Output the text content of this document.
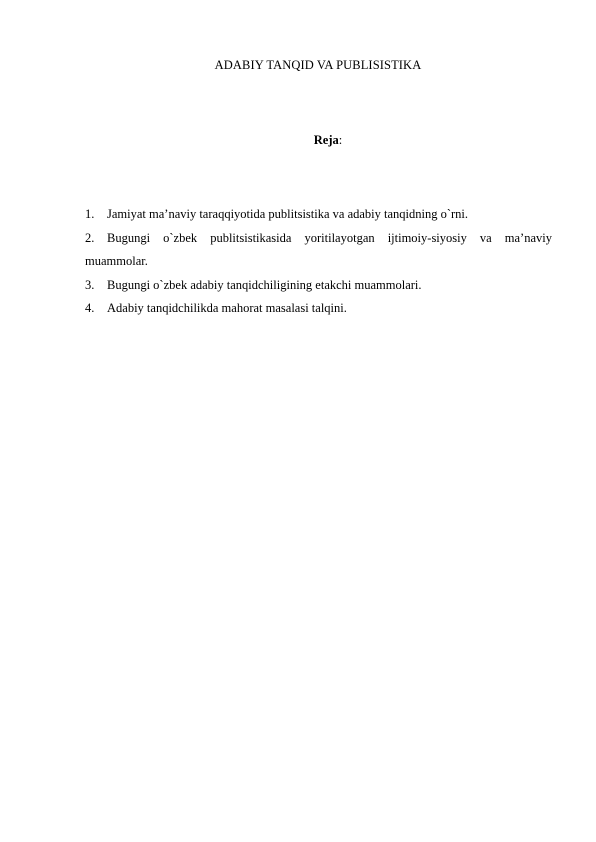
ADABIY TANQID VA PUBLISISTIKA
Reja:
1. Jamiyat ma’naviy taraqqiyotida publitsistika va adabiy tanqidning o`rni.
2. Bugungi o`zbek publitsistikasida yoritilayotgan ijtimoiy-siyosiy va ma’naviy
muammolar.
3. Bugungi o`zbek adabiy tanqidchiligining etakchi muammolari.
4. Adabiy tanqidchilikda mahorat masalasi talqini.
